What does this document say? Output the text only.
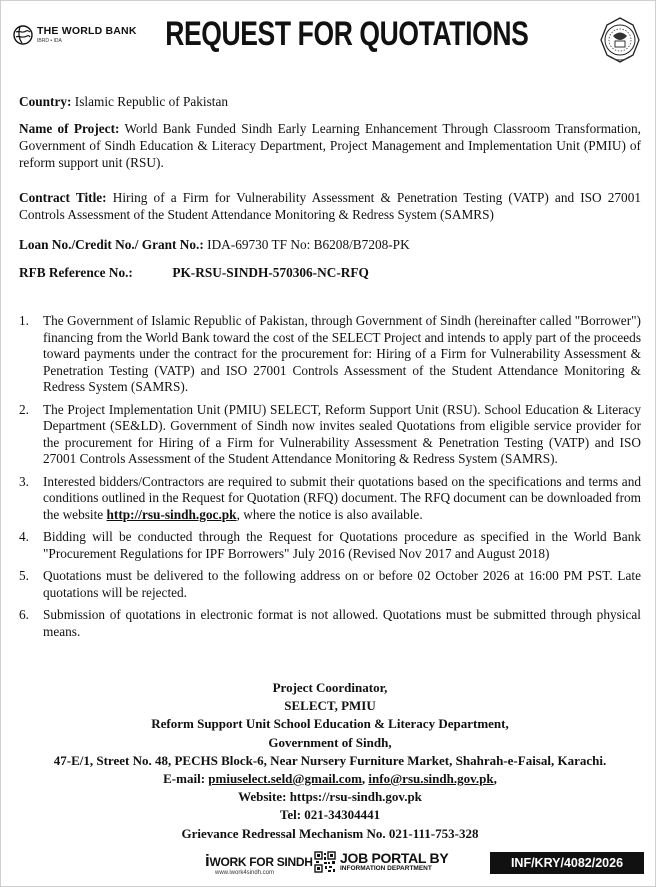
THE WORLD BANK
IBRD • IDA	REQUEST FOR QUOTATIONS
Country: Islamic Republic of Pakistan
Name of Project: World Bank Funded Sindh Early Learning Enhancement Through Classroom Transformation, Government of Sindh Education & Literacy Department, Project Management and Implementation Unit (PMIU) of reform support unit (RSU).
Contract Title: Hiring of a Firm for Vulnerability Assessment & Penetration Testing (VATP) and ISO 27001 Controls Assessment of the Student Attendance Monitoring & Redress System (SAMRS)
Loan No./Credit No./ Grant No.: IDA-69730 TF No: B6208/B7208-PK
RFB Reference No.:	PK-RSU-SINDH-570306-NC-RFQ
1. The Government of Islamic Republic of Pakistan, through Government of Sindh (hereinafter called "Borrower") financing from the World Bank toward the cost of the SELECT Project and intends to apply part of the proceeds toward payments under the contract for the procurement for: Hiring of a Firm for Vulnerability Assessment & Penetration Testing (VATP) and ISO 27001 Controls Assessment of the Student Attendance Monitoring & Redress System (SAMRS).
2. The Project Implementation Unit (PMIU) SELECT, Reform Support Unit (RSU). School Education & Literacy Department (SE&LD). Government of Sindh now invites sealed Quotations from eligible service provider for the procurement for Hiring of a Firm for Vulnerability Assessment & Penetration Testing (VATP) and ISO 27001 Controls Assessment of the Student Attendance Monitoring & Redress System (SAMRS).
3. Interested bidders/Contractors are required to submit their quotations based on the specifications and terms and conditions outlined in the Request for Quotation (RFQ) document. The RFQ document can be downloaded from the website http://rsu-sindh.goc.pk, where the notice is also available.
4. Bidding will be conducted through the Request for Quotations procedure as specified in the World Bank "Procurement Regulations for IPF Borrowers" July 2016 (Revised Nov 2017 and August 2018)
5. Quotations must be delivered to the following address on or before 02 October 2026 at 16:00 PM PST. Late quotations will be rejected.
6. Submission of quotations in electronic format is not allowed. Quotations must be submitted through physical means.
Project Coordinator,
SELECT, PMIU
Reform Support Unit School Education & Literacy Department,
Government of Sindh,
47-E/1, Street No. 48, PECHS Block-6, Near Nursery Furniture Market, Shahrah-e-Faisal, Karachi.
E-mail: pmiuselect.seld@gmail.com, info@rsu.sindh.gov.pk,
Website: https://rsu-sindh.gov.pk
Tel: 021-34304441
Grievance Redressal Mechanism No. 021-111-753-328
iWORK FOR SINDH
www.iwork4sindh.com
JOB PORTAL BY
INFORMATION DEPARTMENT	INF/KRY/4082/2026
